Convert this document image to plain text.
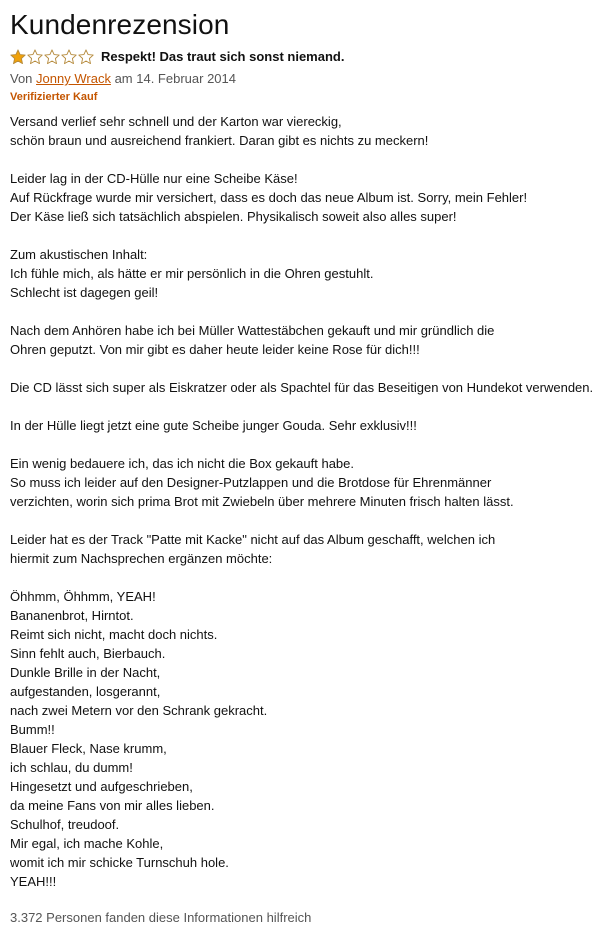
Kundenrezension
Respekt! Das traut sich sonst niemand.
Von Jonny Wrack am 14. Februar 2014
Verifizierter Kauf
Versand verlief sehr schnell und der Karton war viereckig,
schön braun und ausreichend frankiert. Daran gibt es nichts zu meckern!
Leider lag in der CD-Hülle nur eine Scheibe Käse!
Auf Rückfrage wurde mir versichert, dass es doch das neue Album ist. Sorry, mein Fehler!
Der Käse ließ sich tatsächlich abspielen. Physikalisch soweit also alles super!
Zum akustischen Inhalt:
Ich fühle mich, als hätte er mir persönlich in die Ohren gestuhlt.
Schlecht ist dagegen geil!
Nach dem Anhören habe ich bei Müller Wattestäbchen gekauft und mir gründlich die
Ohren geputzt. Von mir gibt es daher heute leider keine Rose für dich!!!
Die CD lässt sich super als Eiskratzer oder als Spachtel für das Beseitigen von Hundekot verwenden.
In der Hülle liegt jetzt eine gute Scheibe junger Gouda. Sehr exklusiv!!!
Ein wenig bedauere ich, das ich nicht die Box gekauft habe.
So muss ich leider auf den Designer-Putzlappen und die Brotdose für Ehrenmänner
verzichten, worin sich prima Brot mit Zwiebeln über mehrere Minuten frisch halten lässt.
Leider hat es der Track "Patte mit Kacke" nicht auf das Album geschafft, welchen ich
hiermit zum Nachsprechen ergänzen möchte:
Öhhmm, Öhhmm, YEAH!
Bananenbrot, Hirntot.
Reimt sich nicht, macht doch nichts.
Sinn fehlt auch, Bierbauch.
Dunkle Brille in der Nacht,
aufgestanden, losgerannt,
nach zwei Metern vor den Schrank gekracht.
Bumm!!
Blauer Fleck, Nase krumm,
ich schlau, du dumm!
Hingesetzt und aufgeschrieben,
da meine Fans von mir alles lieben.
Schulhof, treudoof.
Mir egal, ich mache Kohle,
womit ich mir schicke Turnschuh hole.
YEAH!!!
3.372 Personen fanden diese Informationen hilfreich
